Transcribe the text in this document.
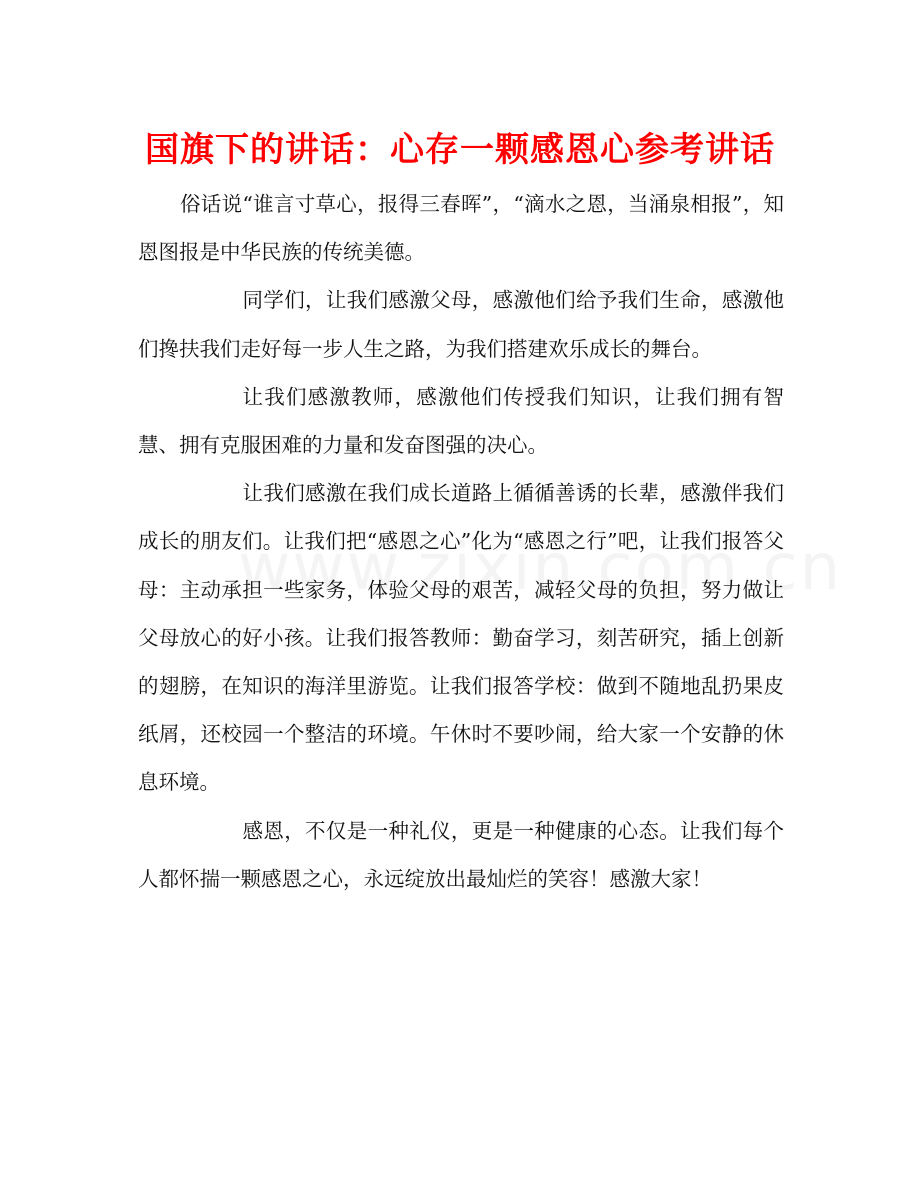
国旗下的讲话：心存一颗感恩心参考讲话

俗话说“谁言寸草心，报得三春晖”，“滴水之恩，当涌泉相报”，知恩图报是中华民族的传统美德。

同学们，让我们感激父母，感激他们给予我们生命，感激他们搀扶我们走好每一步人生之路，为我们搭建欢乐成长的舞台。

让我们感激教师，感激他们传授我们知识，让我们拥有智慧、拥有克服困难的力量和发奋图强的决心。

让我们感激在我们成长道路上循循善诱的长辈，感激伴我们成长的朋友们。让我们把“感恩之心”化为“感恩之行”吧，让我们报答父母：主动承担一些家务，体验父母的艰苦，减轻父母的负担，努力做让父母放心的好小孩。让我们报答教师：勤奋学习，刻苦研究，插上创新的翅膀，在知识的海洋里游览。让我们报答学校：做到不随地乱扔果皮纸屑，还校园一个整洁的环境。午休时不要吵闹，给大家一个安静的休息环境。

感恩，不仅是一种礼仪，更是一种健康的心态。让我们每个人都怀揣一颗感恩之心，永远绽放出最灿烂的笑容！感激大家！
